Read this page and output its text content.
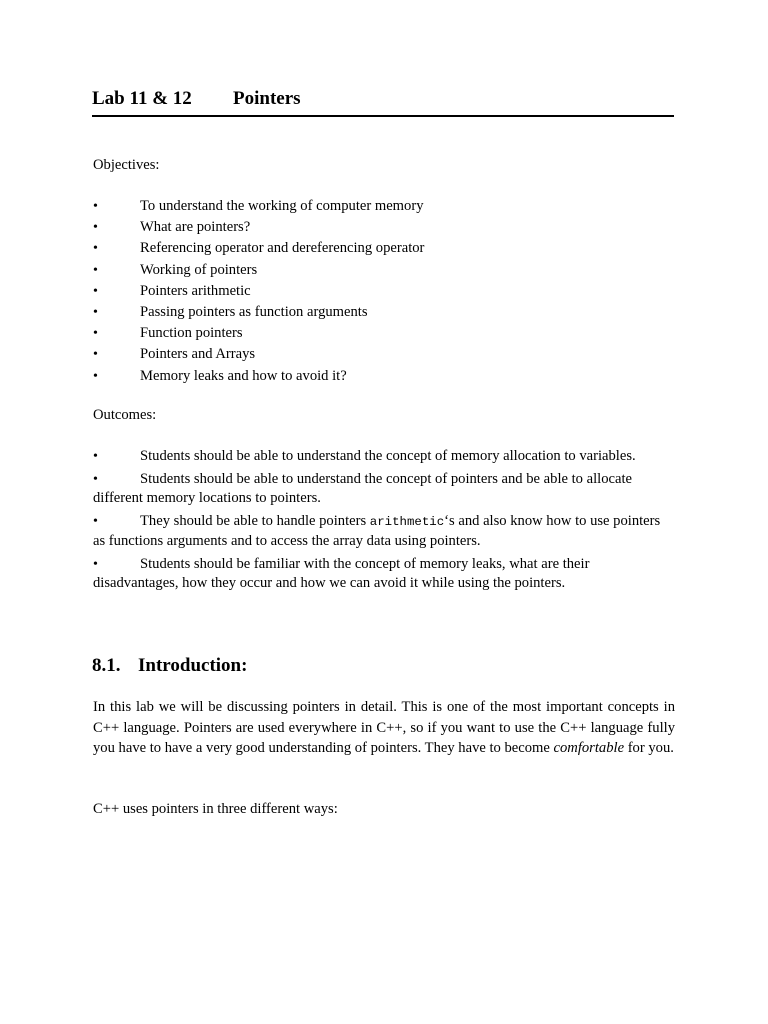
Lab 11 & 12 Pointers
Objectives:
•	To understand the working of computer memory
•	What are pointers?
•	Referencing operator and dereferencing operator
•	Working of pointers
•	Pointers arithmetic
•	Passing pointers as function arguments
•	Function pointers
•	Pointers and Arrays
•	Memory leaks and how to avoid it?
Outcomes:
•	Students should be able to understand the concept of memory allocation to variables.
•	Students should be able to understand the concept of pointers and be able to allocate different memory locations to pointers.
•	They should be able to handle pointers arithmetic‘s and also know how to use pointers as functions arguments and to access the array data using pointers.
•	Students should be familiar with the concept of memory leaks, what are their disadvantages, how they occur and how we can avoid it while using the pointers.
8.1. Introduction:

In this lab we will be discussing pointers in detail. This is one of the most important concepts in C++ language. Pointers are used everywhere in C++, so if you want to use the C++ language fully you have to have a very good understanding of pointers. They have to become comfortable for you.

C++ uses pointers in three different ways:
